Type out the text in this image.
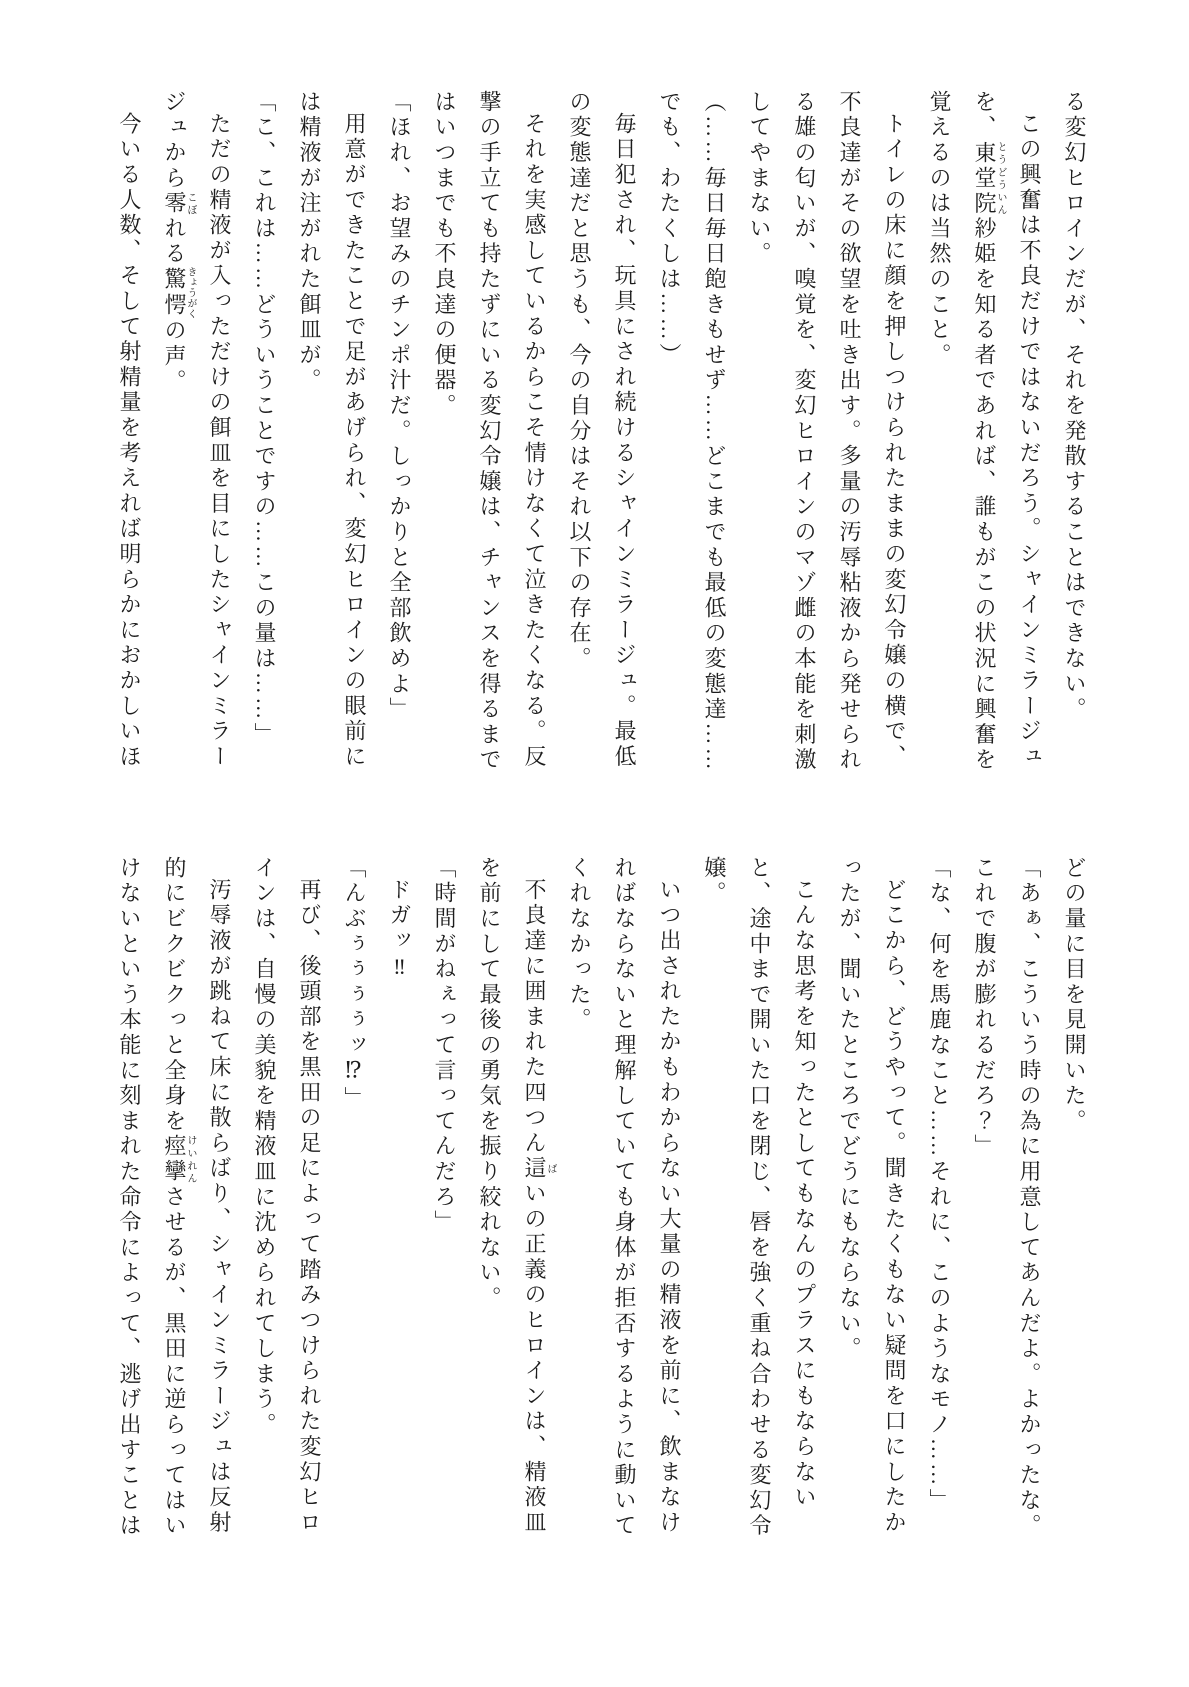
る変幻ヒロインだが、それを発散することはできない。

この興奮は不良だけではないだろう。シャインミラージュを、東堂院とうどういん紗姫を知る者であれば、誰もがこの状況に興奮を覚えるのは当然のこと。

トイレの床に顔を押しつけられたままの変幻令嬢の横で、不良達がその欲望を吐き出す。多量の汚辱粘液から発せられる雄の匂いが、嗅覚を、変幻ヒロインのマゾ雌の本能を刺激してやまない。

（……毎日毎日飽きもせず……どこまでも最低の変態達……でも、わたくしは……）

毎日犯され、玩具にされ続けるシャインミラージュ。最低の変態達だと思うも、今の自分はそれ以下の存在。

それを実感しているからこそ情けなくて泣きたくなる。反撃の手立ても持たずにいる変幻令嬢は、チャンスを得るまではいつまでも不良達の便器。

「ほれ、お望みのチンポ汁だ。しっかりと全部飲めよ」

用意ができたことで足があげられ、変幻ヒロインの眼前には精液が注がれた餌皿が。

「こ、これは……どういうことですの……この量は……」

ただの精液が入っただけの餌皿を目にしたシャインミラージュから零こぼれる驚愕きょうがくの声。

今いる人数、そして射精量を考えれば明らかにおかしいほ

どの量に目を見開いた。

「あぁ、こういう時の為に用意してあんだよ。よかったな。これで腹が膨れるだろ？」

「な、何を馬鹿なこと……それに、このようなモノ……」

どこから、どうやって。聞きたくもない疑問を口にしたかったが、聞いたところでどうにもならない。

こんな思考を知ったとしてもなんのプラスにもならないと、途中まで開いた口を閉じ、唇を強く重ね合わせる変幻令嬢。

いつ出されたかもわからない大量の精液を前に、飲まなければならないと理解していても身体が拒否するように動いてくれなかった。

不良達に囲まれた四つん這ばいの正義のヒロインは、精液皿を前にして最後の勇気を振り絞れない。

「時間がねぇって言ってんだろ」

ドガッ‼

「んぶぅぅぅぅッ⁉」

再び、後頭部を黒田の足によって踏みつけられた変幻ヒロインは、自慢の美貌を精液皿に沈められてしまう。

汚辱液が跳ねて床に散らばり、シャインミラージュは反射的にビクビクっと全身を痙攣けいれんさせるが、黒田に逆らってはいけないという本能に刻まれた命令によって、逃げ出すことは
